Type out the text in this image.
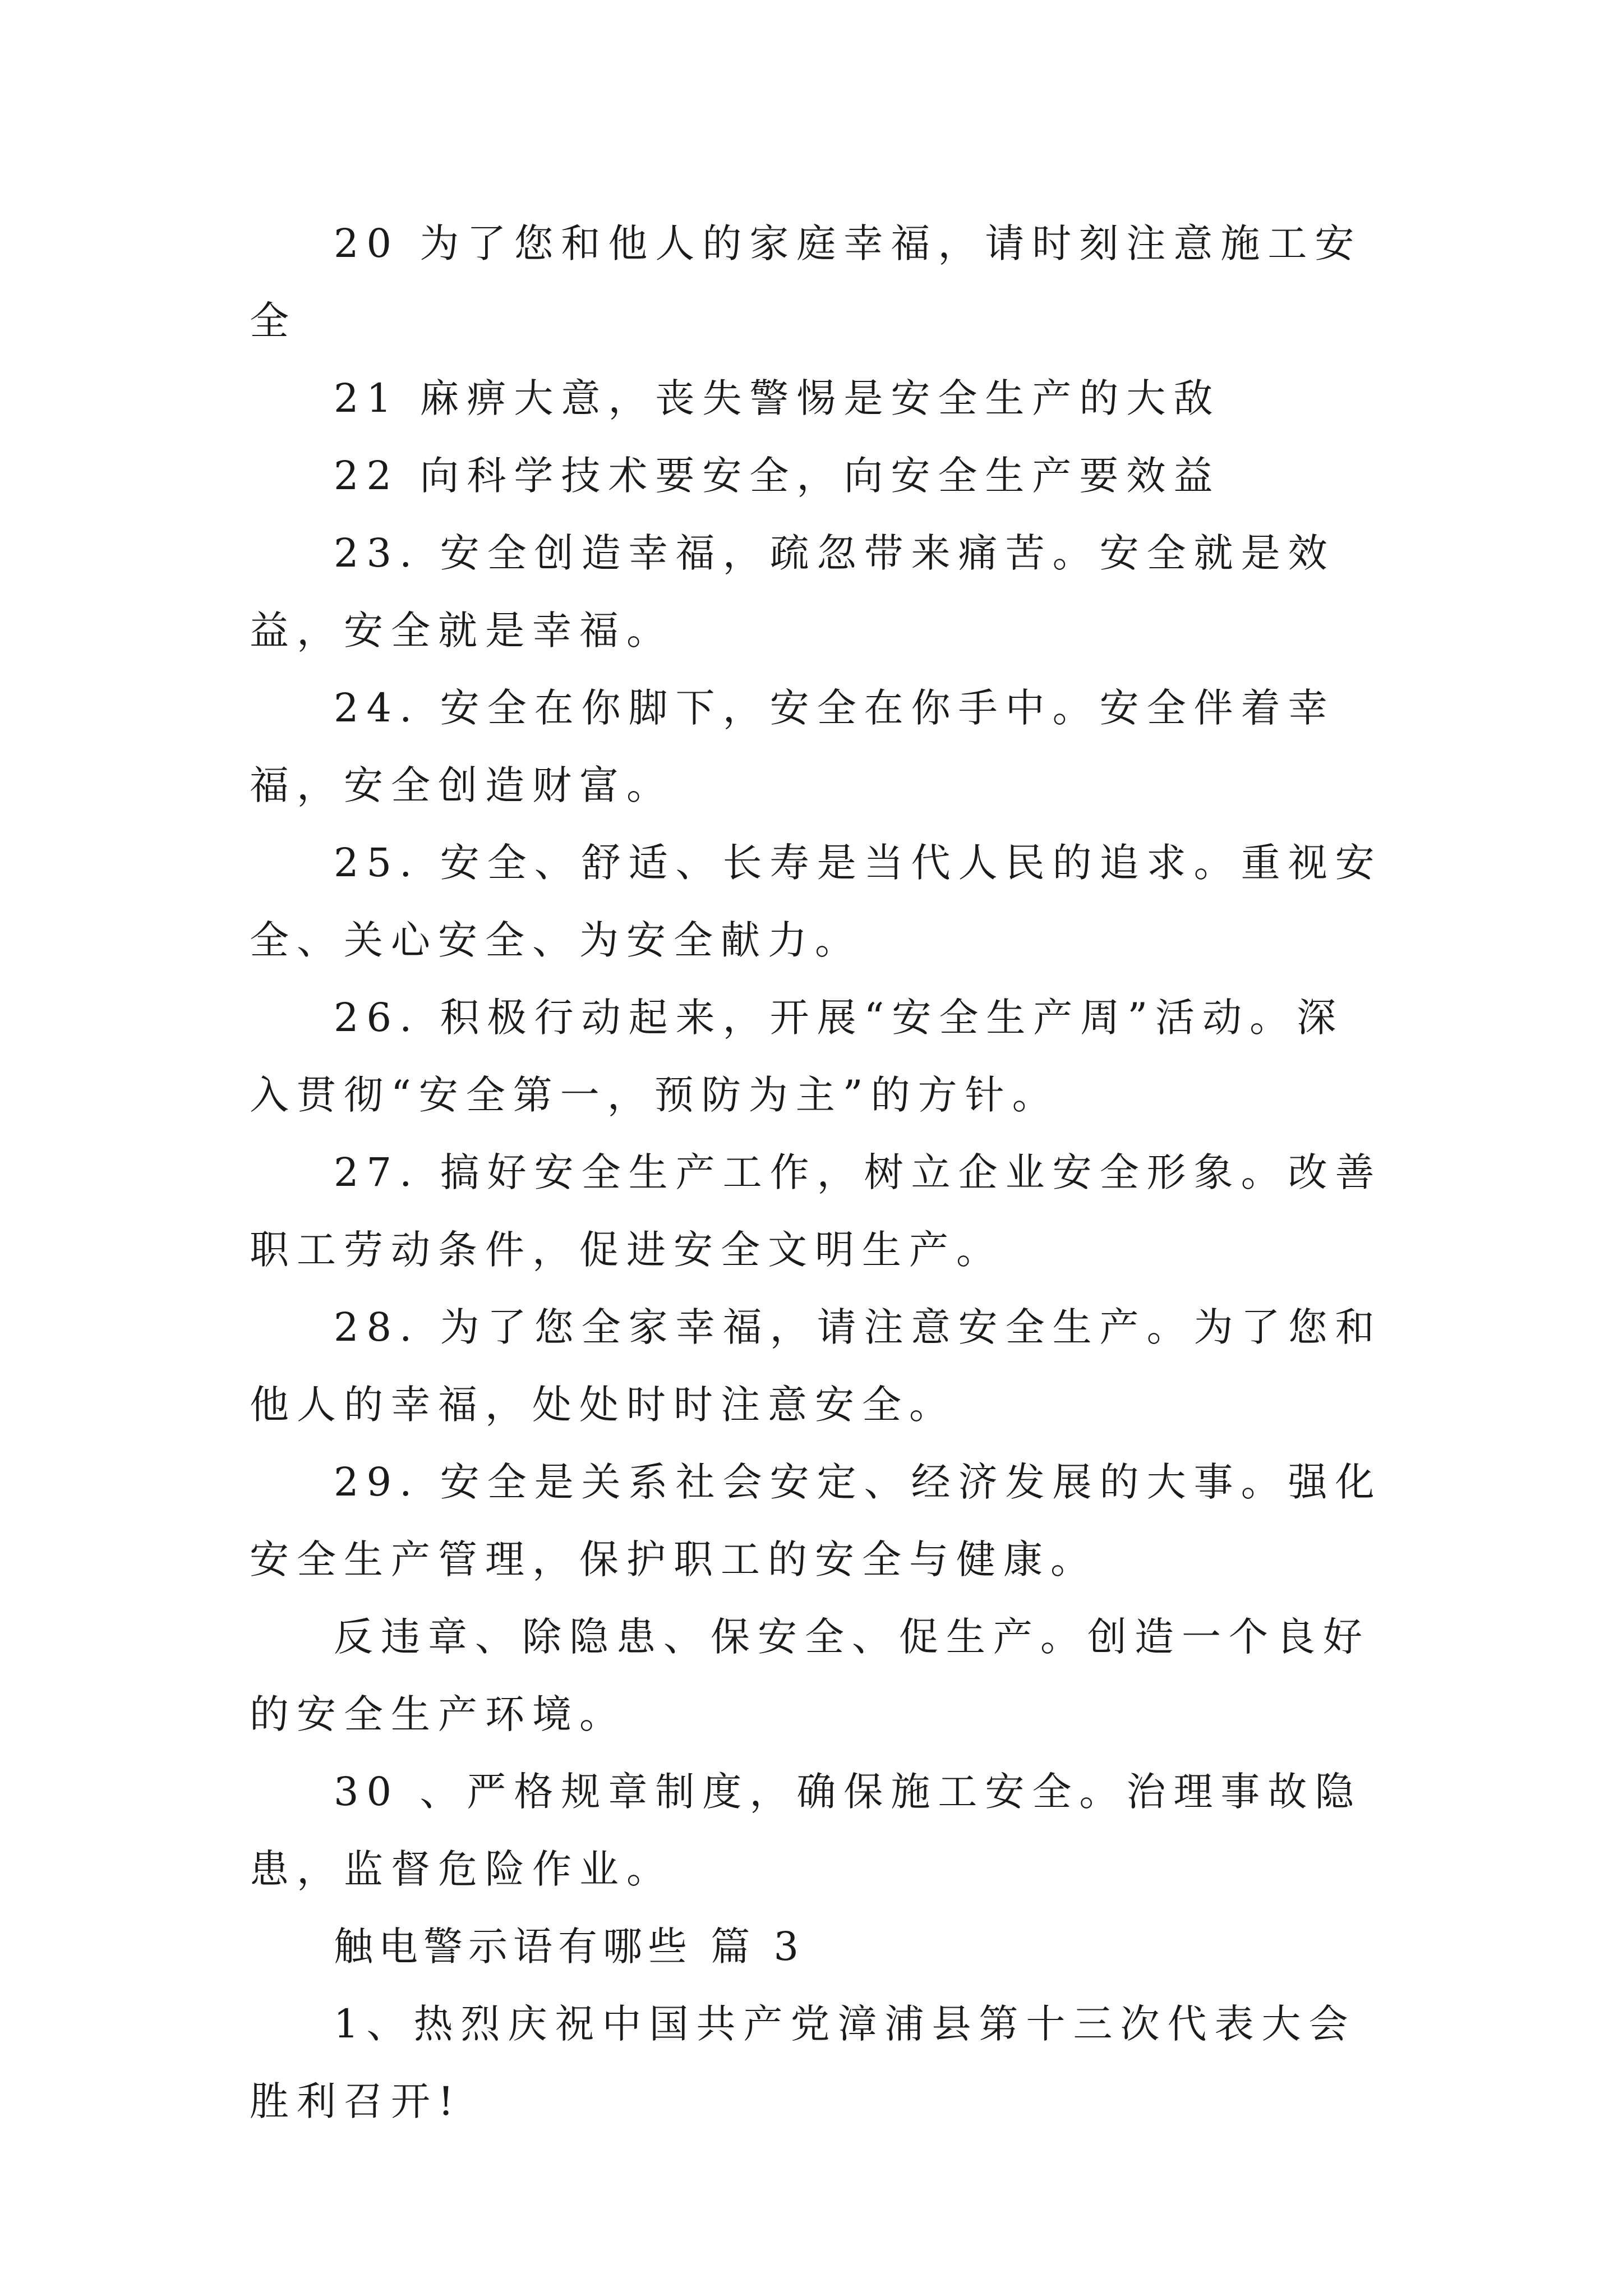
20 为了您和他人的家庭幸福，请时刻注意施工安全

21 麻痹大意，丧失警惕是安全生产的大敌

22 向科学技术要安全，向安全生产要效益

23. 安全创造幸福，疏忽带来痛苦。安全就是效益，安全就是幸福。

24. 安全在你脚下，安全在你手中。安全伴着幸福，安全创造财富。

25. 安全、舒适、长寿是当代人民的追求。重视安全、关心安全、为安全献力。

26. 积极行动起来，开展“安全生产周”活动。深入贯彻“安全第一，预防为主”的方针。

27. 搞好安全生产工作，树立企业安全形象。改善职工劳动条件，促进安全文明生产。

28. 为了您全家幸福，请注意安全生产。为了您和他人的幸福，处处时时注意安全。

29. 安全是关系社会安定、经济发展的大事。强化安全生产管理，保护职工的安全与健康。

反违章、除隐患、保安全、促生产。创造一个良好的安全生产环境。

30 、严格规章制度，确保施工安全。治理事故隐患，监督危险作业。

触电警示语有哪些 篇 3

1、热烈庆祝中国共产党漳浦县第十三次代表大会胜利召开!
